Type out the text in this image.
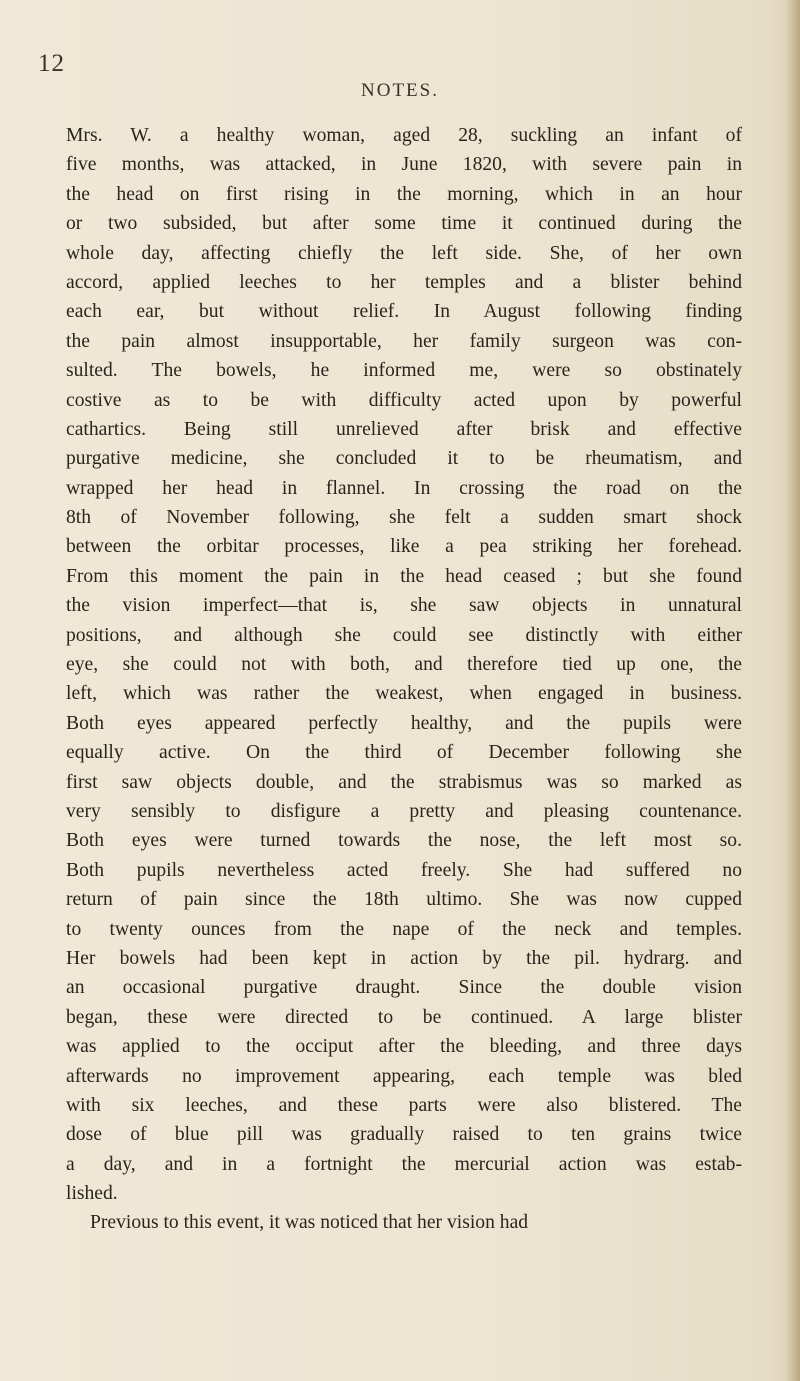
12
NOTES.
Mrs. W. a healthy woman, aged 28, suckling an infant of
five months, was attacked, in June 1820, with severe pain in
the head on first rising in the morning, which in an hour
or two subsided, but after some time it continued during the
whole day, affecting chiefly the left side. She, of her own
accord, applied leeches to her temples and a blister behind
each ear, but without relief. In August following finding
the pain almost insupportable, her family surgeon was con-
sulted. The bowels, he informed me, were so obstinately
costive as to be with difficulty acted upon by powerful
cathartics. Being still unrelieved after brisk and effective
purgative medicine, she concluded it to be rheumatism, and
wrapped her head in flannel. In crossing the road on the
8th of November following, she felt a sudden smart shock
between the orbitar processes, like a pea striking her forehead.
From this moment the pain in the head ceased ; but she found
the vision imperfect—that is, she saw objects in unnatural
positions, and although she could see distinctly with either
eye, she could not with both, and therefore tied up one, the
left, which was rather the weakest, when engaged in business.
Both eyes appeared perfectly healthy, and the pupils were
equally active. On the third of December following she
first saw objects double, and the strabismus was so marked as
very sensibly to disfigure a pretty and pleasing countenance.
Both eyes were turned towards the nose, the left most so.
Both pupils nevertheless acted freely. She had suffered no
return of pain since the 18th ultimo. She was now cupped
to twenty ounces from the nape of the neck and temples.
Her bowels had been kept in action by the pil. hydrarg. and
an occasional purgative draught. Since the double vision
began, these were directed to be continued. A large blister
was applied to the occiput after the bleeding, and three days
afterwards no improvement appearing, each temple was bled
with six leeches, and these parts were also blistered. The
dose of blue pill was gradually raised to ten grains twice
a day, and in a fortnight the mercurial action was estab-
lished.
Previous to this event, it was noticed that her vision had
